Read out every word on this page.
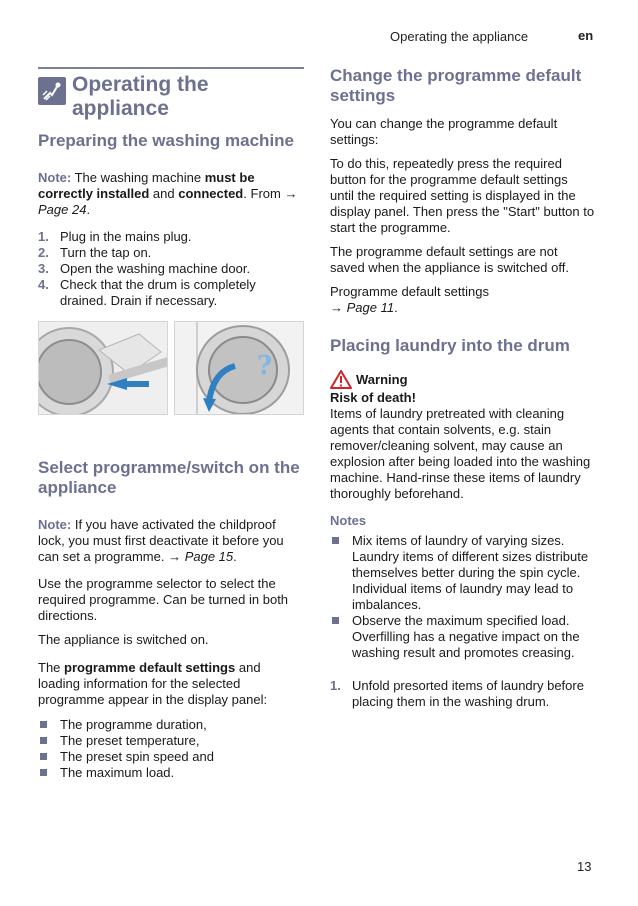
Operating the appliance	en
Operating the appliance
Preparing the washing machine

Note: The washing machine must be correctly installed and connected. From → Page 24.

1. Plug in the mains plug.
2. Turn the tap on.
3. Open the washing machine door.
4. Check that the drum is completely drained. Drain if necessary.
?
Select programme/switch on the appliance

Note: If you have activated the childproof lock, you must first deactivate it before you can set a programme. → Page 15.

Use the programme selector to select the required programme. Can be turned in both directions.

The appliance is switched on.

The programme default settings and loading information for the selected programme appear in the display panel:

The programme duration,
The preset temperature,
The preset spin speed and
The maximum load.
Change the programme default settings

You can change the programme default settings:

To do this, repeatedly press the required button for the programme default settings until the required setting is displayed in the display panel. Then press the "Start" button to start the programme.

The programme default settings are not saved when the appliance is switched off.

Programme default settings
→ Page 11.

Placing laundry into the drum
Warning

Risk of death!

Items of laundry pretreated with cleaning agents that contain solvents, e.g. stain remover/cleaning solvent, may cause an explosion after being loaded into the washing machine. Hand-rinse these items of laundry thoroughly beforehand.

Notes

Mix items of laundry of varying sizes. Laundry items of different sizes distribute themselves better during the spin cycle. Individual items of laundry may lead to imbalances.
Observe the maximum specified load. Overfilling has a negative impact on the washing result and promotes creasing.
1. Unfold presorted items of laundry before placing them in the washing drum.
13
